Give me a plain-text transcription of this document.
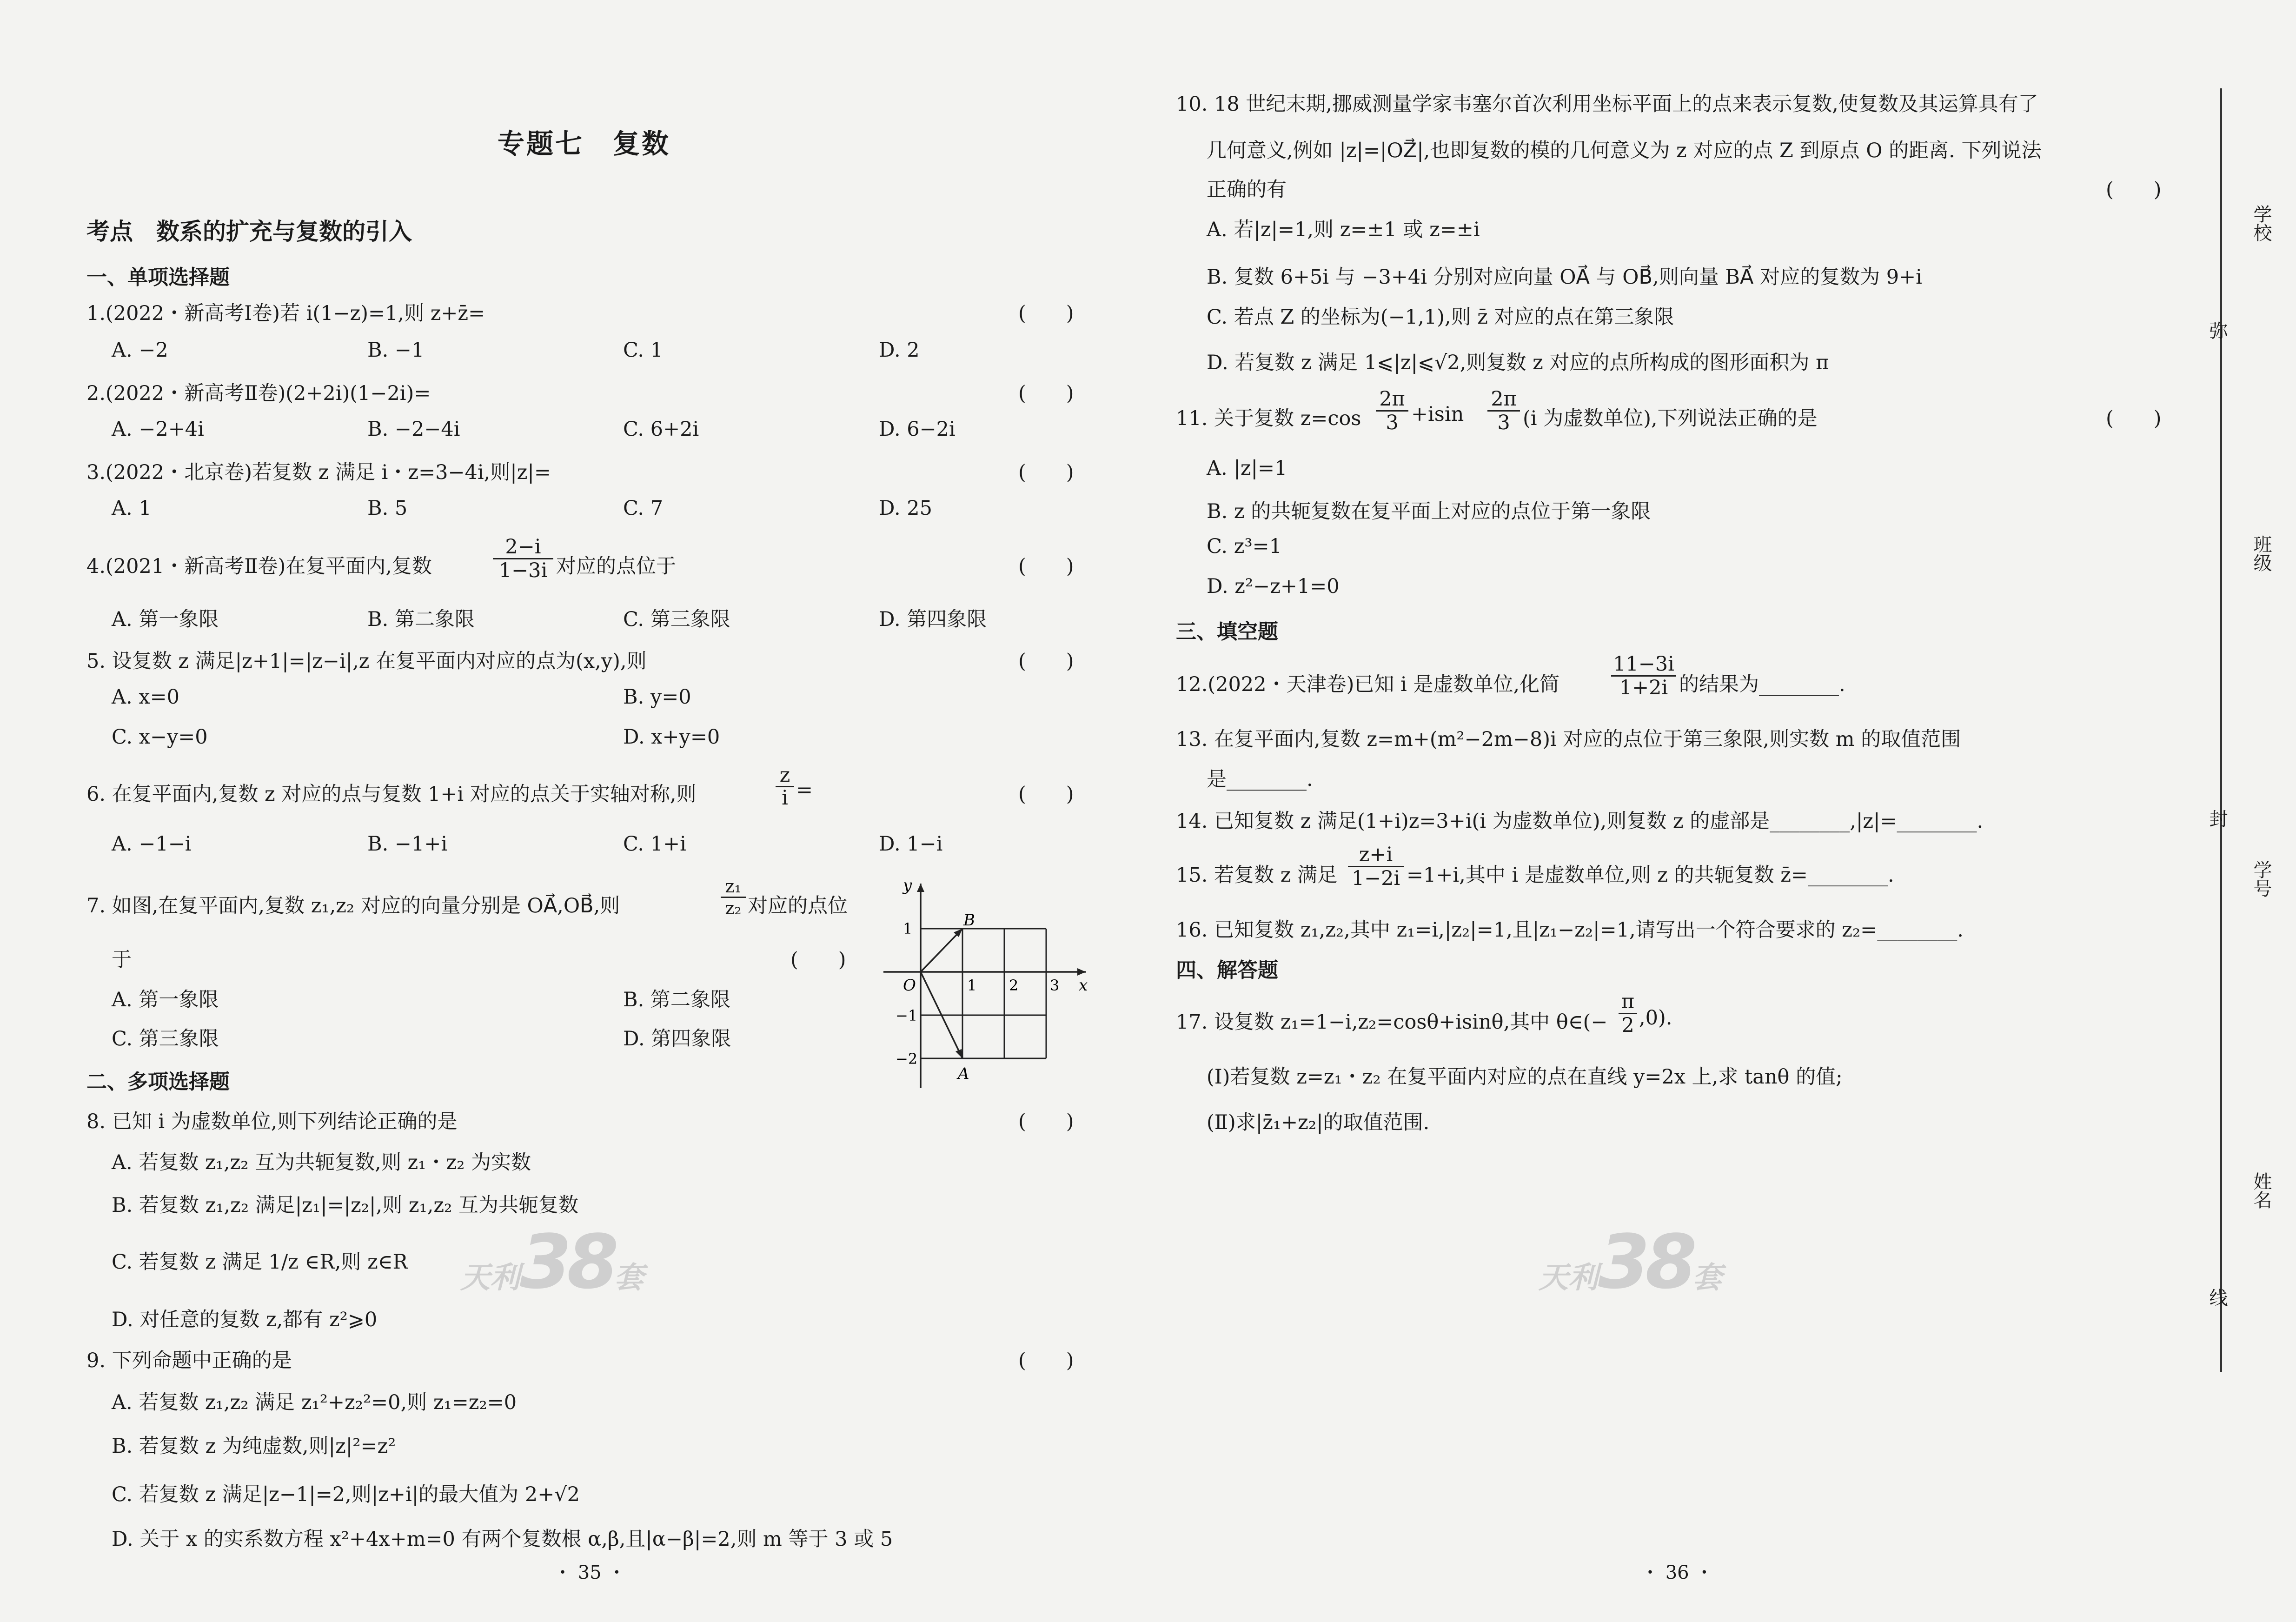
专题七　复数
考点　数系的扩充与复数的引入
一、单项选择题
1.(2022・新高考Ⅰ卷)若 i(1−z)=1,则 z+z̄=	(　　)
A. −2	B. −1	C. 1	D. 2
2.(2022・新高考Ⅱ卷)(2+2i)(1−2i)=	(　　)
A. −2+4i	B. −2−4i	C. 6+2i	D. 6−2i
3.(2022・北京卷)若复数 z 满足 i・z=3−4i,则|z|=	(　　)
A. 1	B. 5	C. 7	D. 25
4.(2021・新高考Ⅱ卷)在复平面内,复数	$\frac{2-i}{1-3i}$ 对应的点位于	(　　)
A. 第一象限	B. 第二象限	C. 第三象限	D. 第四象限
5. 设复数 z 满足|z+1|=|z−i|,z 在复平面内对应的点为(x,y),则	(　　)
A. x=0	B. y=0
C. x−y=0	D. x+y=0
6. 在复平面内,复数 z 对应的点与复数 1+i 对应的点关于实轴对称,则	$\frac{z}{i}$ =	(　　)
A. −1−i	B. −1+i	C. 1+i	D. 1−i
7. 如图,在复平面内,复数 z₁,z₂ 对应的向量分别是 OA⃗,OB⃗,则	$\frac{\text{z₁}}{\text{z₂}}$ 对应的点位
于	(　　)
A. 第一象限	B. 第二象限
C. 第三象限	D. 第四象限
y
x
O
B
A
1 2 3
1
−1
−2
二、多项选择题
8. 已知 i 为虚数单位,则下列结论正确的是	(　　)
A. 若复数 z₁,z₂ 互为共轭复数,则 z₁・z₂ 为实数
B. 若复数 z₁,z₂ 满足|z₁|=|z₂|,则 z₁,z₂ 互为共轭复数
C. 若复数 z 满足 1/z ∈R,则 z∈R
D. 对任意的复数 z,都有 z²⩾0
9. 下列命题中正确的是	(　　)
A. 若复数 z₁,z₂ 满足 z₁²+z₂²=0,则 z₁=z₂=0
B. 若复数 z 为纯虚数,则|z|²=z²
C. 若复数 z 满足|z−1|=2,则|z+i|的最大值为 2+√2
D. 关于 x 的实系数方程 x²+4x+m=0 有两个复数根 α,β,且|α−β|=2,则 m 等于 3 或 5
・ 35 ・
天利38套
10. 18 世纪末期,挪威测量学家韦塞尔首次利用坐标平面上的点来表示复数,使复数及其运算具有了
几何意义,例如 |z|=|OZ⃗|,也即复数的模的几何意义为 z 对应的点 Z 到原点 O 的距离. 下列说法
正确的有	(　　)
A. 若|z|=1,则 z=±1 或 z=±i
B. 复数 6+5i 与 −3+4i 分别对应向量 OA⃗ 与 OB⃗,则向量 BA⃗ 对应的复数为 9+i
C. 若点 Z 的坐标为(−1,1),则 z̄ 对应的点在第三象限
D. 若复数 z 满足 1⩽|z|⩽√2,则复数 z 对应的点所构成的图形面积为 π
11. 关于复数 $z=\cos \frac{2\pi}{3} +isin \frac{2\pi}{3} (i$ 为虚数单位),下列说法正确的是	(　　)
A. |z|=1
B. z 的共轭复数在复平面上对应的点位于第一象限
C. z³=1
D. z²−z+1=0
三、填空题
12.(2022・天津卷)已知 i 是虚数单位,化简	$\frac{11-3i}{1+2i}$ 的结果为________.
13. 在复平面内,复数 z=m+(m²−2m−8)i 对应的点位于第三象限,则实数 m 的取值范围
是________.
14. 已知复数 z 满足(1+i)z=3+i(i 为虚数单位),则复数 z 的虚部是________,|z|=________.
15. 若复数 z 满足 $\frac{z+i}{1-2i} =1+i$,其中 i 是虚数单位,则 z 的共轭复数 z̄=________.
16. 已知复数 z₁,z₂,其中 z₁=i,|z₂|=1,且|z₁−z₂|=1,请写出一个符合要求的 z₂=________.
四、解答题
17. 设复数 z₁=1−i,z₂=cosθ+isinθ,其中 θ∈(− $\frac{\pi}{2} ,0$).
(Ⅰ)若复数 z=z₁・z₂ 在复平面内对应的点在直线 y=2x 上,求 tanθ 的值;
(Ⅱ)求|z̄₁+z₂|的取值范围.
・ 36 ・
天利38套
学校
弥
班级
封
学号
姓名
线
